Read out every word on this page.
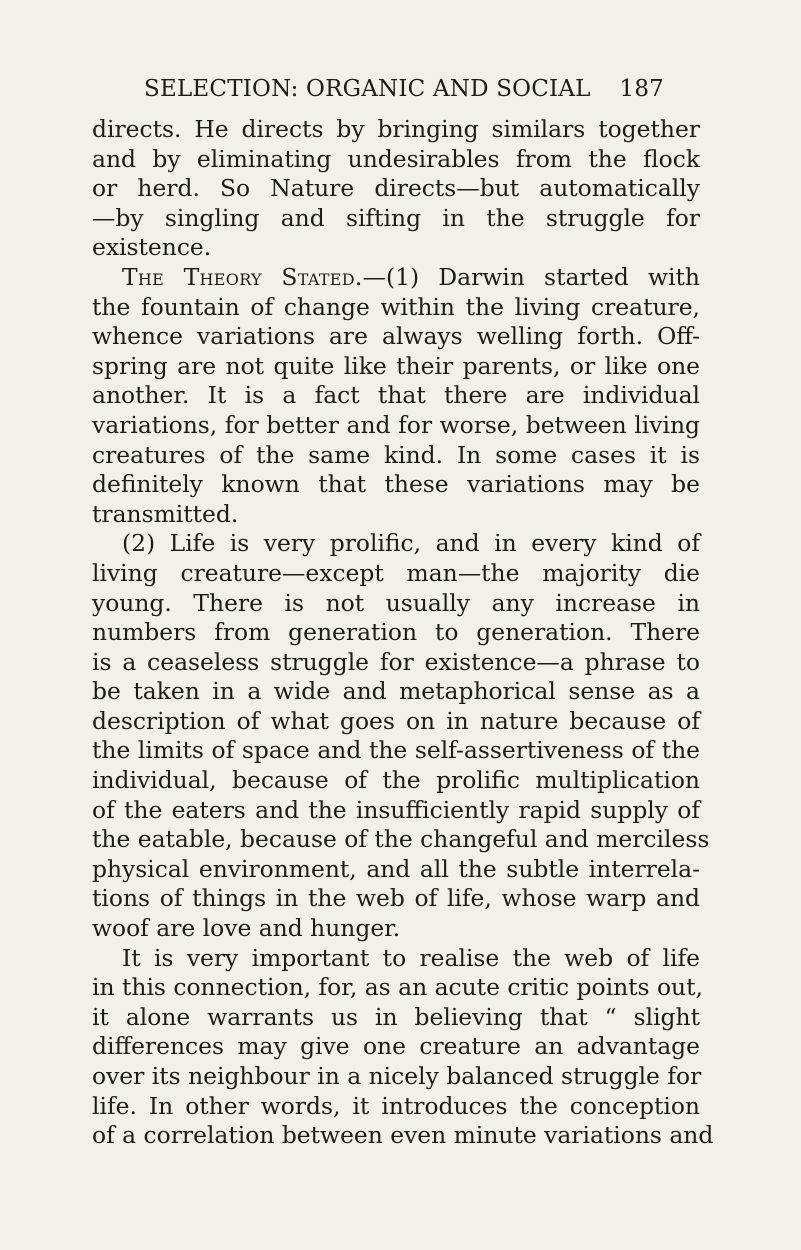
SELECTION: ORGANIC AND SOCIAL 187
directs. He directs by bringing similars together
and by eliminating undesirables from the flock
or herd. So Nature directs—but automatically
—by singling and sifting in the struggle for
existence.
The Theory Stated.—(1) Darwin started with
the fountain of change within the living creature,
whence variations are always welling forth. Off-
spring are not quite like their parents, or like one
another. It is a fact that there are individual
variations, for better and for worse, between living
creatures of the same kind. In some cases it is
definitely known that these variations may be
transmitted.
(2) Life is very prolific, and in every kind of
living creature—except man—the majority die
young. There is not usually any increase in
numbers from generation to generation. There
is a ceaseless struggle for existence—a phrase to
be taken in a wide and metaphorical sense as a
description of what goes on in nature because of
the limits of space and the self-assertiveness of the
individual, because of the prolific multiplication
of the eaters and the insufficiently rapid supply of
the eatable, because of the changeful and merciless
physical environment, and all the subtle interrela-
tions of things in the web of life, whose warp and
woof are love and hunger.
It is very important to realise the web of life
in this connection, for, as an acute critic points out,
it alone warrants us in believing that “ slight
differences may give one creature an advantage
over its neighbour in a nicely balanced struggle for
life. In other words, it introduces the conception
of a correlation between even minute variations and
